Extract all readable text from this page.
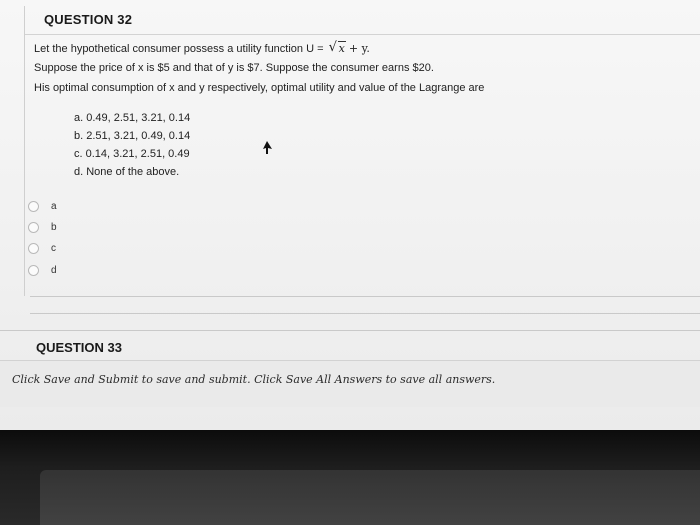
QUESTION 32
Let the hypothetical consumer possess a utility function U = √ x + y.
Suppose the price of x is $5 and that of y is $7. Suppose the consumer earns $20.
His optimal consumption of x and y respectively, optimal utility and value of the Lagrange are
a. 0.49, 2.51, 3.21, 0.14
b. 2.51, 3.21, 0.49, 0.14
c. 0.14, 3.21, 2.51, 0.49
d. None of the above.
a
b
c
d
QUESTION 33
Click Save and Submit to save and submit. Click Save All Answers to save all answers.
